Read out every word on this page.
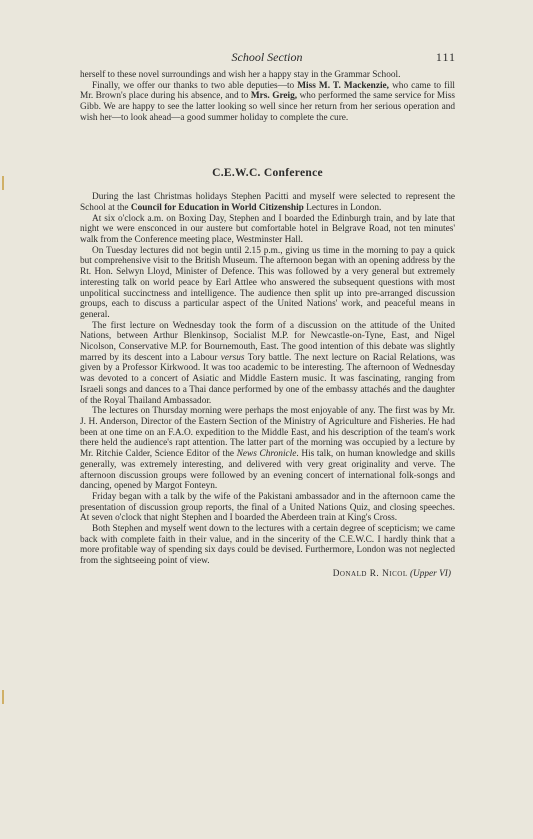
School Section	111

herself to these novel surroundings and wish her a happy stay in the Grammar School.

Finally, we offer our thanks to two able deputies—to Miss M. T. Mackenzie, who came to fill Mr. Brown's place during his absence, and to Mrs. Greig, who performed the same service for Miss Gibb. We are happy to see the latter looking so well since her return from her serious operation and wish her—to look ahead—a good summer holiday to complete the cure.

C.E.W.C. Conference

During the last Christmas holidays Stephen Pacitti and myself were selected to represent the School at the Council for Education in World Citizenship Lectures in London.

At six o'clock a.m. on Boxing Day, Stephen and I boarded the Edinburgh train, and by late that night we were ensconced in our austere but comfortable hotel in Belgrave Road, not ten minutes' walk from the Conference meeting place, Westminster Hall.

On Tuesday lectures did not begin until 2.15 p.m., giving us time in the morning to pay a quick but comprehensive visit to the British Museum. The afternoon began with an opening address by the Rt. Hon. Selwyn Lloyd, Minister of Defence. This was followed by a very general but extremely interesting talk on world peace by Earl Attlee who answered the subsequent questions with most unpolitical succinctness and intelligence. The audience then split up into pre-arranged discussion groups, each to discuss a particular aspect of the United Nations' work, and peaceful means in general.

The first lecture on Wednesday took the form of a discussion on the attitude of the United Nations, between Arthur Blenkinsop, Socialist M.P. for Newcastle-on-Tyne, East, and Nigel Nicolson, Conservative M.P. for Bournemouth, East. The good intention of this debate was slightly marred by its descent into a Labour versus Tory battle. The next lecture on Racial Relations, was given by a Professor Kirkwood. It was too academic to be interesting. The afternoon of Wednesday was devoted to a concert of Asiatic and Middle Eastern music. It was fascinating, ranging from Israeli songs and dances to a Thai dance performed by one of the embassy attachés and the daughter of the Royal Thailand Ambassador.

The lectures on Thursday morning were perhaps the most enjoyable of any. The first was by Mr. J. H. Anderson, Director of the Eastern Section of the Ministry of Agriculture and Fisheries. He had been at one time on an F.A.O. expedition to the Middle East, and his description of the team's work there held the audience's rapt attention. The latter part of the morning was occupied by a lecture by Mr. Ritchie Calder, Science Editor of the News Chronicle. His talk, on human knowledge and skills generally, was extremely interesting, and delivered with very great originality and verve. The afternoon discussion groups were followed by an evening concert of international folk-songs and dancing, opened by Margot Fonteyn.

Friday began with a talk by the wife of the Pakistani ambassador and in the afternoon came the presentation of discussion group reports, the final of a United Nations Quiz, and closing speeches. At seven o'clock that night Stephen and I boarded the Aberdeen train at King's Cross.

Both Stephen and myself went down to the lectures with a certain degree of scepticism; we came back with complete faith in their value, and in the sincerity of the C.E.W.C. I hardly think that a more profitable way of spending six days could be devised. Furthermore, London was not neglected from the sightseeing point of view.

Donald R. Nicol (Upper VI)
